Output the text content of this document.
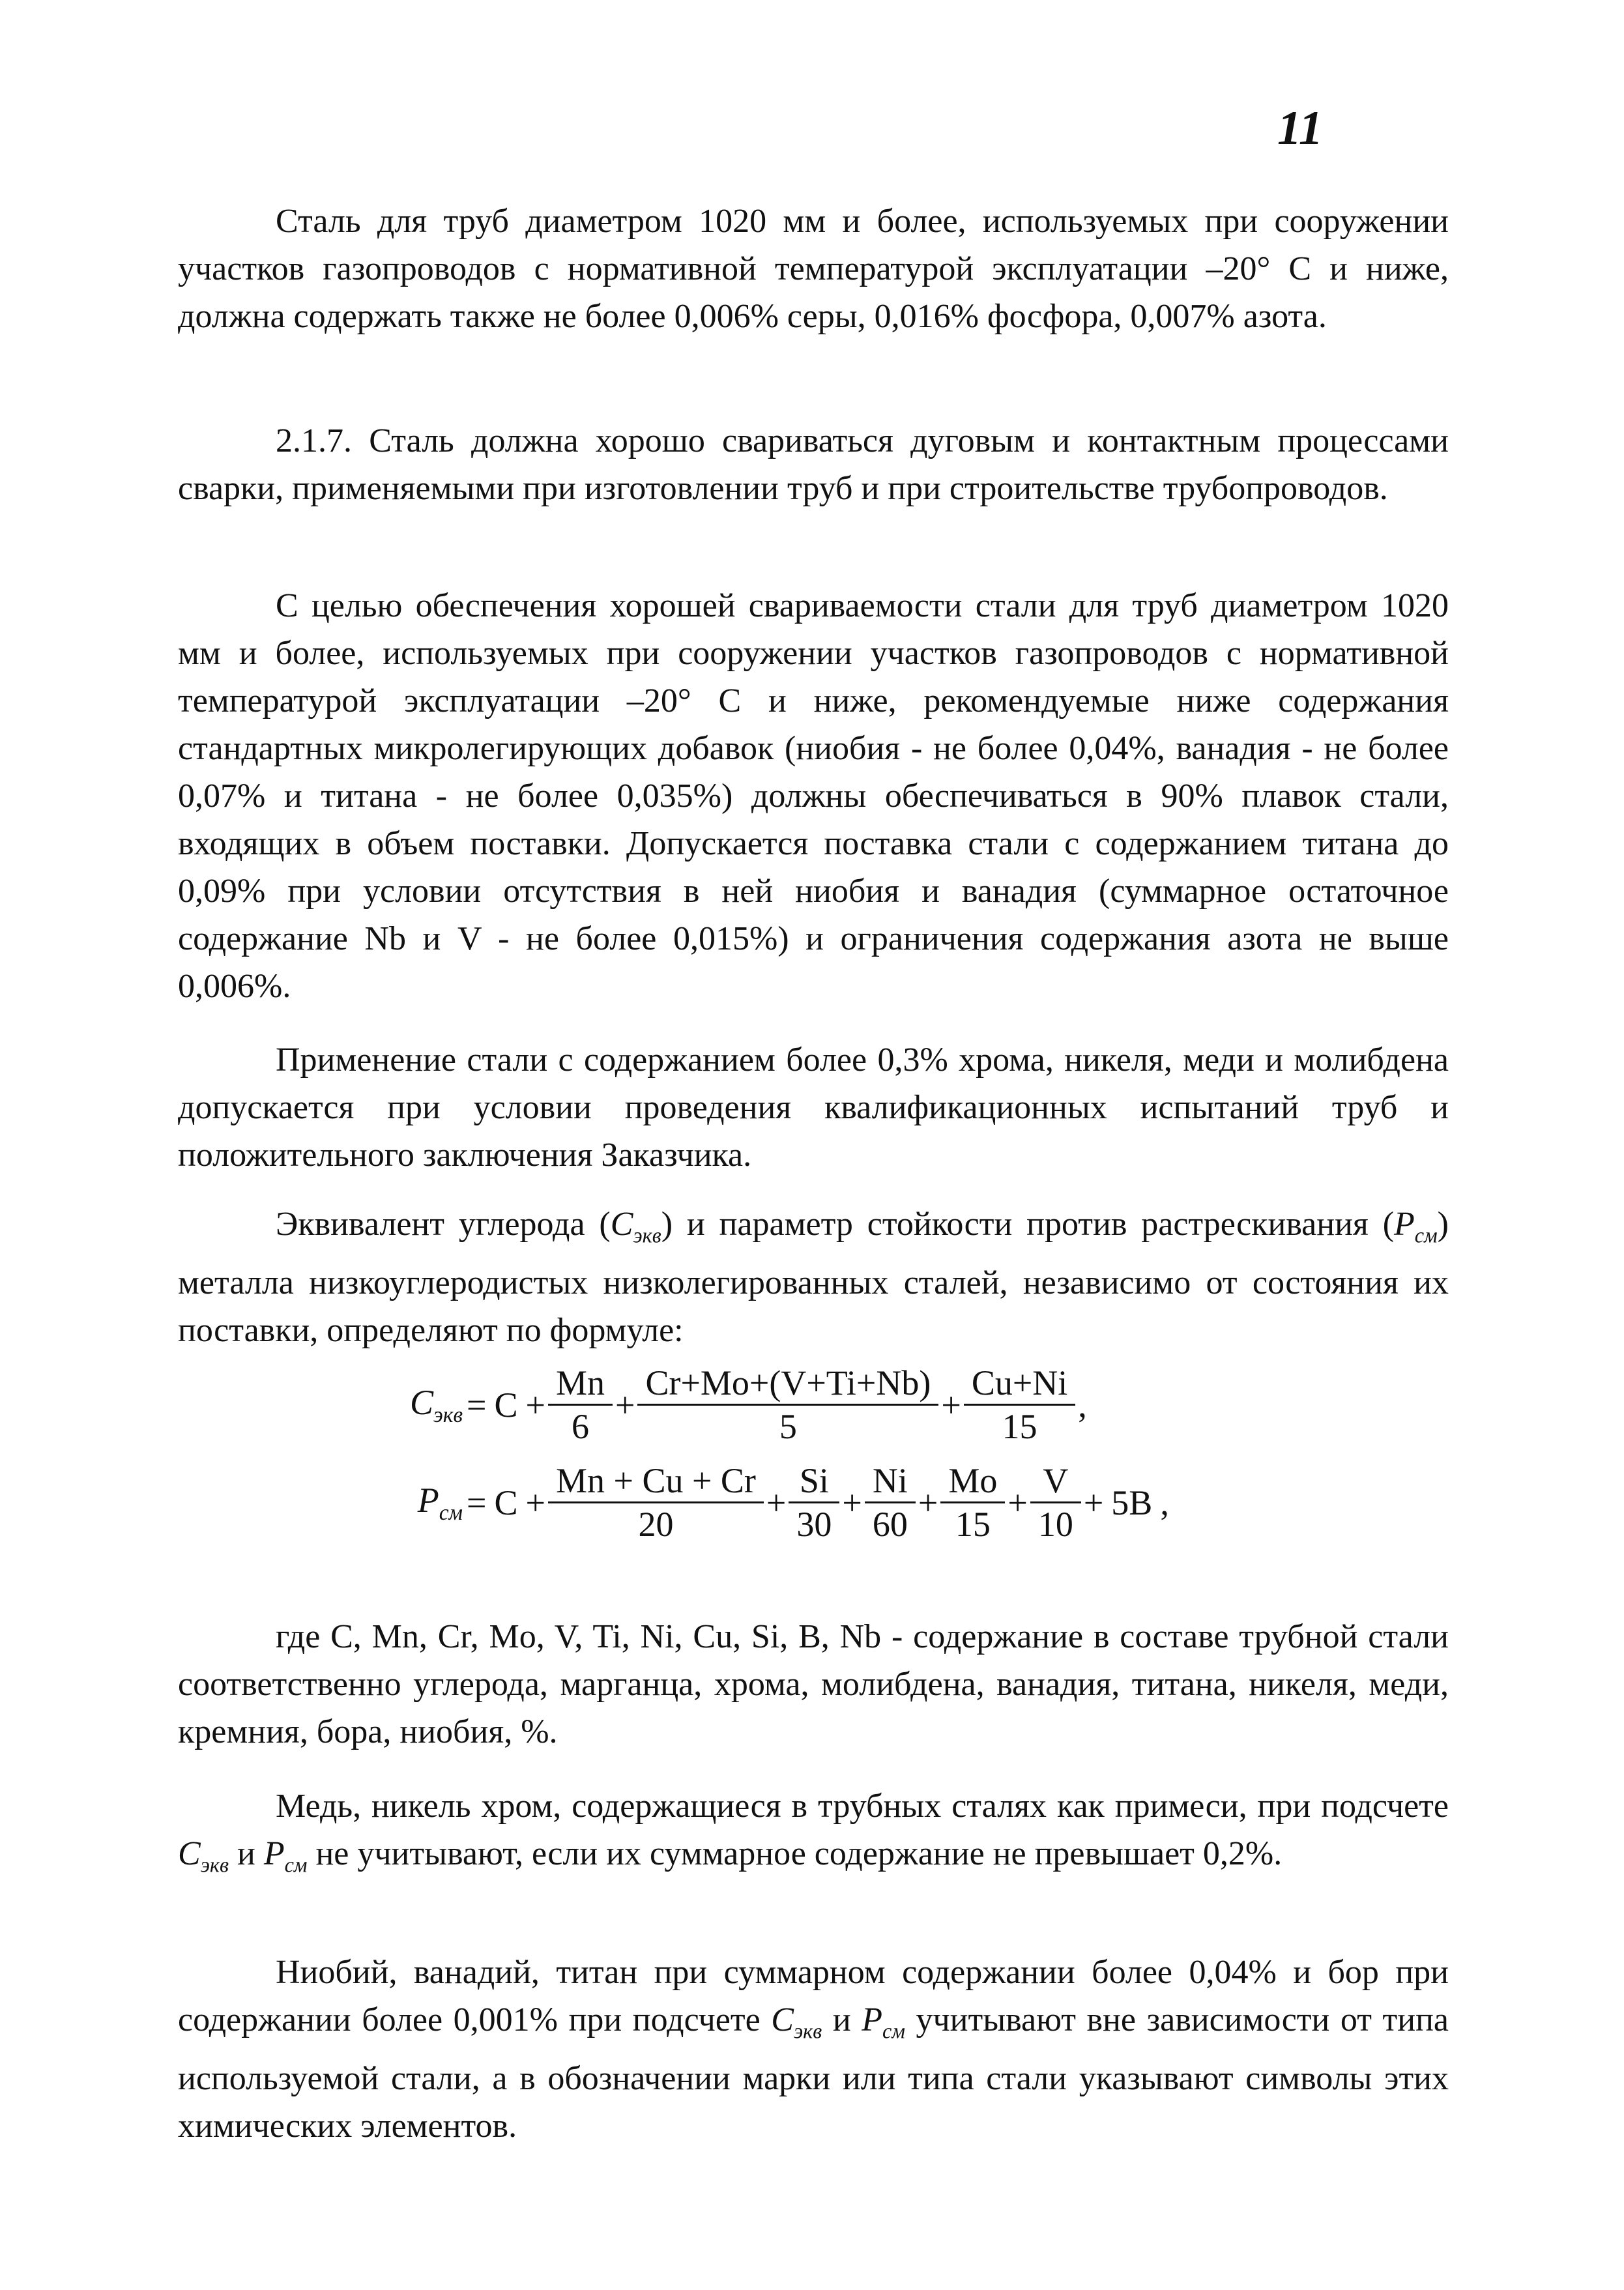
11

Сталь для труб диаметром 1020 мм и более, используемых при сооружении участков газопроводов с нормативной температурой эксплуатации –20° С и ниже, должна содержать также не более 0,006% серы, 0,016% фосфора, 0,007% азота.

2.1.7. Сталь должна хорошо свариваться дуговым и контактным процессами сварки, применяемыми при изготовлении труб и при строительстве трубопроводов.

С целью обеспечения хорошей свариваемости стали для труб диаметром 1020 мм и более, используемых при сооружении участков газопроводов с нормативной температурой эксплуатации –20° С и ниже, рекомендуемые ниже содержания стандартных микролегирующих добавок (ниобия - не более 0,04%, ванадия - не более 0,07% и титана - не более 0,035%) должны обеспечиваться в 90% плавок стали, входящих в объем поставки. Допускается поставка стали с содержанием титана до 0,09% при условии отсутствия в ней ниобия и ванадия (суммарное остаточное содержание Nb и V - не более 0,015%) и ограничения содержания азота не выше 0,006%.

Применение стали с содержанием более 0,3% хрома, никеля, меди и молибдена допускается при условии проведения квалификационных испытаний труб и положительного заключения Заказчика.

Эквивалент углерода $(C_{экв})$ и параметр стойкости против растрескивания $(P_{см})$ металла низкоуглеродистых низколегированных сталей, независимо от состояния их поставки, определяют по формуле:

$C_{экв} = C + \frac{Mn}{6} + \frac{Cr+Mo+(V+Ti+Nb)}{5} + \frac{Cu+Ni}{15}$ ,
$P_{см} = C + \frac{Mn + Cu + Cr}{20} + \frac{Si}{30} + \frac{Ni}{60} + \frac{Mo}{15} + \frac{V}{10} + 5B$ ,

где C, Mn, Cr, Mo, V, Ti, Ni, Cu, Si, B, Nb - содержание в составе трубной стали соответственно углерода, марганца, хрома, молибдена, ванадия, титана, никеля, меди, кремния, бора, ниобия, %.

Медь, никель хром, содержащиеся в трубных сталях как примеси, при подсчете $C_{экв}$ и $P_{см}$ не учитывают, если их суммарное содержание не превышает 0,2%.

Ниобий, ванадий, титан при суммарном содержании более 0,04% и бор при содержании более 0,001% при подсчете $C_{экв}$ и $P_{см}$ учитывают вне зависимости от типа используемой стали, а в обозначении марки или типа стали указывают символы этих химических элементов.
